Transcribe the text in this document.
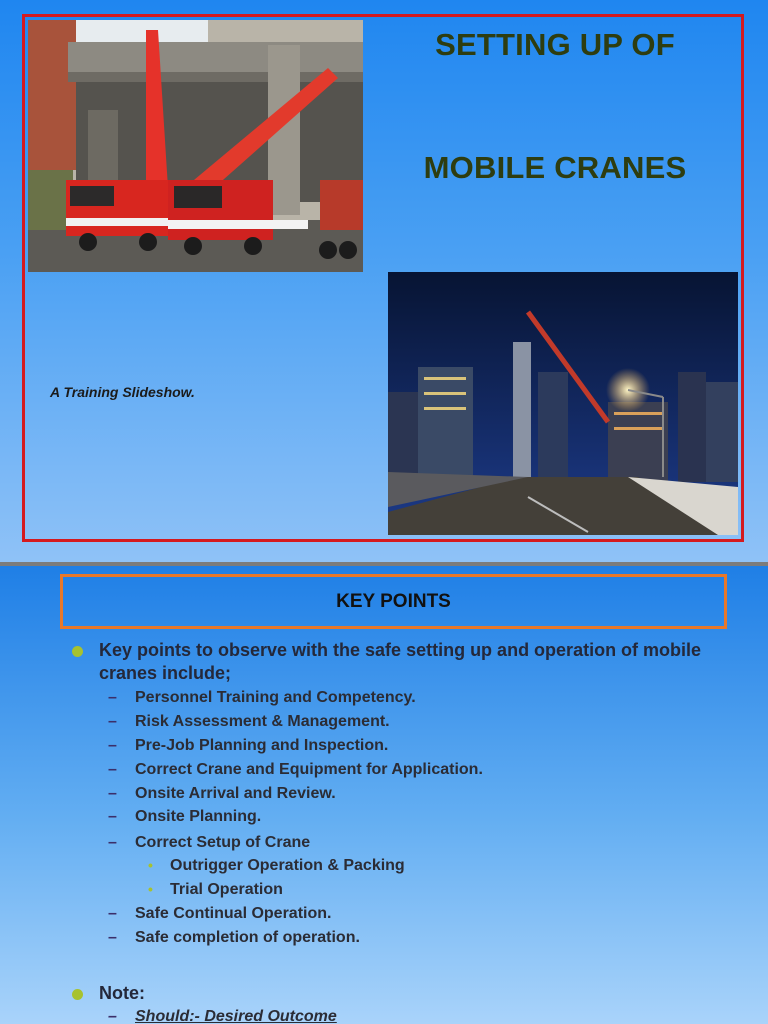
SETTING UP OF
MOBILE CRANES
A Training Slideshow.
KEY POINTS
Key points to observe with the safe setting up and operation of mobile cranes include;
– Personnel Training and Competency.
– Risk Assessment & Management.
– Pre-Job Planning and Inspection.
– Correct Crane and Equipment for Application.
– Onsite Arrival and Review.
– Onsite Planning.
– Correct Setup of Crane
• Outrigger Operation & Packing
• Trial Operation
– Safe Continual Operation.
– Safe completion of operation.
Note:
– Should:- Desired Outcome
